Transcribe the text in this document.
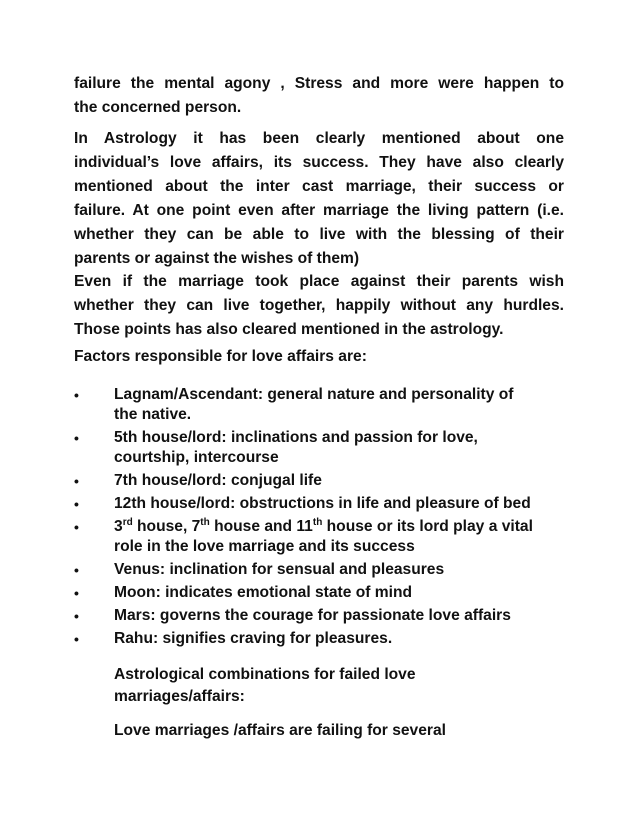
failure the mental agony , Stress and more were happen to
the concerned person.
In Astrology it has been clearly mentioned about one
individual’s love affairs, its success. They have also clearly
mentioned about the inter cast marriage, their success or
failure. At one point even after marriage the living pattern (i.e.
whether they can be able to live with the blessing of their
parents or against the wishes of them)
Even if the marriage took place against their parents wish
whether they can live together, happily without any hurdles.
Those points has also cleared mentioned in the astrology.
Factors responsible for love affairs are:
• Lagnam/Ascendant: general nature and personality of
the native.
• 5th house/lord: inclinations and passion for love,
courtship, intercourse
• 7th house/lord: conjugal life
• 12th house/lord: obstructions in life and pleasure of bed
• 3rd house, 7th house and 11th house or its lord play a vital
role in the love marriage and its success
• Venus: inclination for sensual and pleasures
• Moon: indicates emotional state of mind
• Mars: governs the courage for passionate love affairs
• Rahu: signifies craving for pleasures.
Astrological combinations for failed love
marriages/affairs:
Love marriages /affairs are failing for several
